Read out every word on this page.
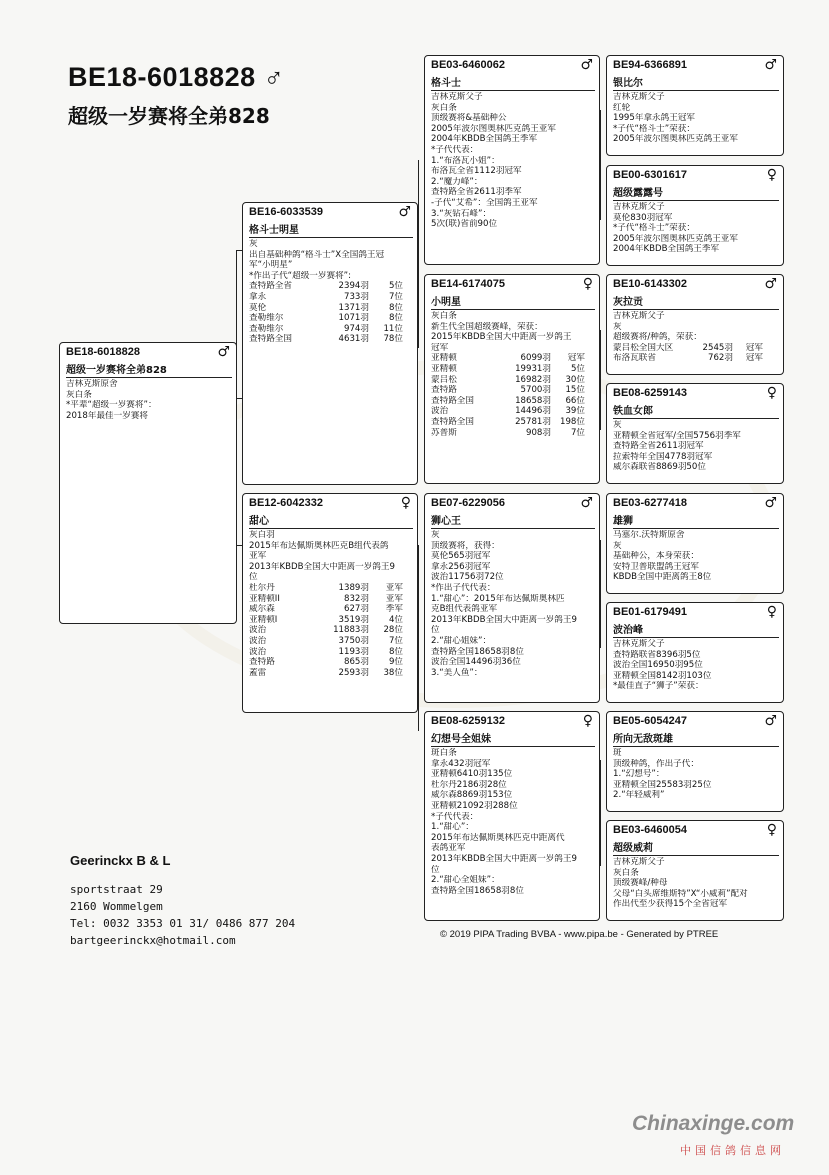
BE18-6018828 ♂
超级一岁赛将全弟828
BE18-6018828	♂
超级一岁赛将全弟828
吉林克斯原舍
灰白条
*平辈“超级一岁赛将”：
2018年最佳一岁赛将
BE16-6033539	♂
格斗士明星
灰
出自基础种鸽“格斗士”X全国鸽王冠
军“小明星”
*作出子代“超级一岁赛将”:
查特路全省	2394羽	5位
拿永	733羽	7位
莫伦	1371羽	8位
查勒维尔	1071羽	8位
查勒维尔	974羽	11位
查特路全国	4631羽	78位
BE12-6042332	♀
甜心
灰白羽
2015年布达佩斯奥林匹克B组代表鸽
亚军
2013年KBDB全国大中距离一岁鸽王9
位
杜尔丹	1389羽	亚军
亚精顿II	832羽	亚军
威尔森	627羽	季军
亚精顿I	3519羽	4位
波治	11883羽	28位
波治	3750羽	7位
波治	1193羽	8位
查特路	865羽	9位
蓋雷	2593羽	38位
BE03-6460062	♂
格斗士
吉林克斯父子
灰白条
顶级赛将&基础种公
2005年波尔图奥林匹克鸽王亚军
2004年KBDB全国鸽王季军
*子代代表：
1.“布洛瓦小姐”：
布洛瓦全省1112羽冠军
2.“魔力峰”：
查特路全省2611羽季军
-子代“艾希”：全国鸽王亚军
3.“灰钻石峰”：
5次(联)省前90位
BE14-6174075	♀
小明星
灰白条
新生代全国超级赛峰，荣获：
2015年KBDB全国大中距离一岁鸽王
冠军
亚精顿	6099羽	冠军
亚精顿	19931羽	5位
蒙吕松	16982羽	30位
查特路	5700羽	15位
查特路全国	18658羽	66位
波治	14496羽	39位
查特路全国	25781羽	198位
苏普斯	908羽	7位
BE07-6229056	♂
狮心王
灰
顶级赛将，获得：
莫伦565羽冠军
拿永256羽冠军
波治11756羽72位
*作出子代代表：
1.“甜心”：2015年布达佩斯奥林匹
克B组代表鸽亚军
2013年KBDB全国大中距离一岁鸽王9
位
2.“甜心姐妹”：
查特路全国18658羽8位
波治全国14496羽36位
3.“美人鱼”：
BE08-6259132	♀
幻想号全姐妹
斑白条
拿永432羽冠军
亚精顿6410羽135位
杜尔丹2186羽28位
威尔森8869羽153位
亚精顿21092羽288位
*子代代表：
1.“甜心”：
2015年布达佩斯奥林匹克中距离代
表鸽亚军
2013年KBDB全国大中距离一岁鸽王9
位
2.“甜心全姐妹”：
查特路全国18658羽8位
BE94-6366891	♂
银比尔
吉林克斯父子
红轮
1995年拿永鸽王冠军
*子代“格斗士”荣获：
2005年波尔图奥林匹克鸽王亚军
BE00-6301617	♀
超级露露号
吉林克斯父子
莫伦830羽冠军
*子代“格斗士”荣获：
2005年波尔图奥林匹克鸽王亚军
2004年KBDB全国鸽王季军
BE10-6143302	♂
灰拉贡
吉林克斯父子
灰
超级赛将/种鸽，荣获：
蒙吕松全国大区	2545羽	冠军
布洛瓦联省	762羽	冠军
BE08-6259143	♀
铁血女郎
灰
亚精顿全省冠军/全国5756羽季军
查特路全省2611羽冠军
拉索特年全国4778羽冠军
威尔森联省8869羽50位
BE03-6277418	♂
雄狮
马塞尔.沃特斯原舍
灰
基础种公，本身荣获：
安特卫普联盟鸽王冠军
KBDB全国中距离鸽王8位
BE01-6179491	♀
波治峰
吉林克斯父子
查特路联省8396羽5位
波治全国16950羽95位
亚精顿全国8142羽103位
*最佳直子“狮子”荣获：
BE05-6054247	♂
所向无敌斑雄
斑
顶级种鸽，作出子代：
1.“幻想号”：
亚精顿全国25583羽25位
2.“年轻威利”
BE03-6460054	♀
超级威莉
吉林克斯父子
灰白条
顶级赛峰/种母
父母“白头席维斯特”X“小威莉”配对
作出代至少获得15个全省冠军
Geerinckx B & L
sportstraat 29
2160 Wommelgem
Tel: 0032 3353 01 31/ 0486 877 204
bartgeerinckx@hotmail.com	© 2019 PIPA Trading BVBA - www.pipa.be - Generated by PTREE
Chinaxinge.com
中国信鸽信息网
